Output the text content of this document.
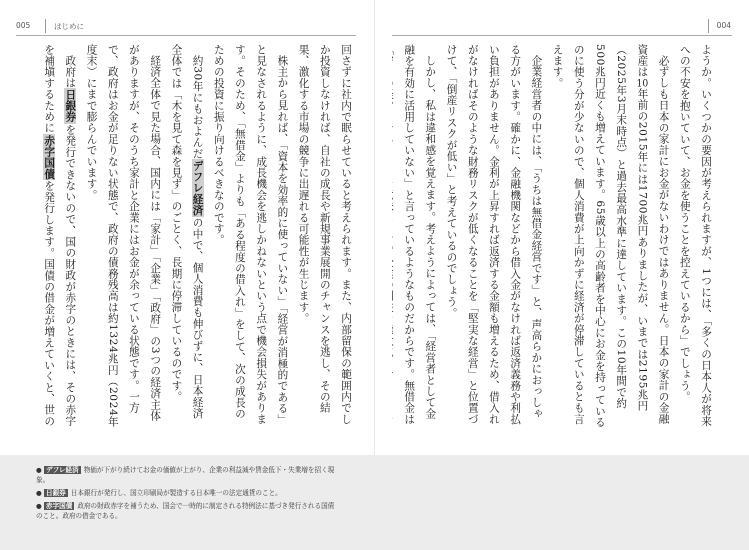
005	はじめに	004

ようか。いくつかの要因が考えられますが、1つには、「多くの日本人が将来への不安を抱いていて、お金を使うことを控えているから」でしょう。

必ずしも日本の家計にお金がないわけではありません。日本の家計の金融資産は10年前の2015年には1700兆円ありましたが、いまでは2195兆円（2025年3月末時点）と過去最高水準に達しています。この10年間で約500兆円近くも増えています。65歳以上の高齢者を中心にお金を持っているのに使う分が少ないので、個人消費が上向かずに経済が停滞しているとも言えます。

企業経営者の中には、「うちは無借金経営です」と、声高らかにおっしゃる方がいます。確かに、金融機関などから借入金がなければ返済義務や利払い負担がありません。金利が上昇すれば返済する金額も増えるため、借入れがなければそのような財務リスクが低くなることを「堅実な経営」と位置づけて、「倒産リスクが低い」と考えているのでしょう。

しかし、私は違和感を覚えます。考えようによっては、「経営者として金融を有効に活用していない」と言っているようなものだからです。無借金は

回さずに社内で眠らせていると考えられます。また、内部留保の範囲内でしか投資しなければ、自社の成長や新規事業展開のチャンスを逃し、その結果、激化する市場の競争に出遅れる可能性が生じます。

株主から見れば、「資本を効率的に使っていない」「経営が消極的である」と見なされるように、成長機会を逃しかねないという点で機会損失があります。そのため、「無借金」よりも「ある程度の借入れ」をして、次の成長のための投資に振り向けるべきなのです。

約30年にもおよんだデフレ経済の中で、個人消費も伸びずに、日本経済全体では「木を見て森を見ず」のごとく、長期に停滞しているのです。

経済全体で見た場合、国内には「家計」「企業」「政府」の3つの経済主体がありますが、そのうち家計と企業にはお金が余っている状態です。一方で、政府はお金が足りない状態で、政府の債務残高は約1324兆円（2024年度末）にまで膨らんでいます。

政府は日銀券を発行できないので、国の財政が赤字のときには、その赤字を補塡するために赤字国債を発行します。国債の借金が増えていくと、世の

● デフレ経済 物価が下がり続けてお金の価値が上がり、企業の利益減や賃金低下・失業増を招く現象。
● 日銀券 日本銀行が発行し、国立印刷局が製造する日本唯一の法定通貨のこと。
● 赤字国債 政府の財政赤字を補うため、国会で一時的に制定される特例法に基づき発行される国債のこと。政府の借金である。
